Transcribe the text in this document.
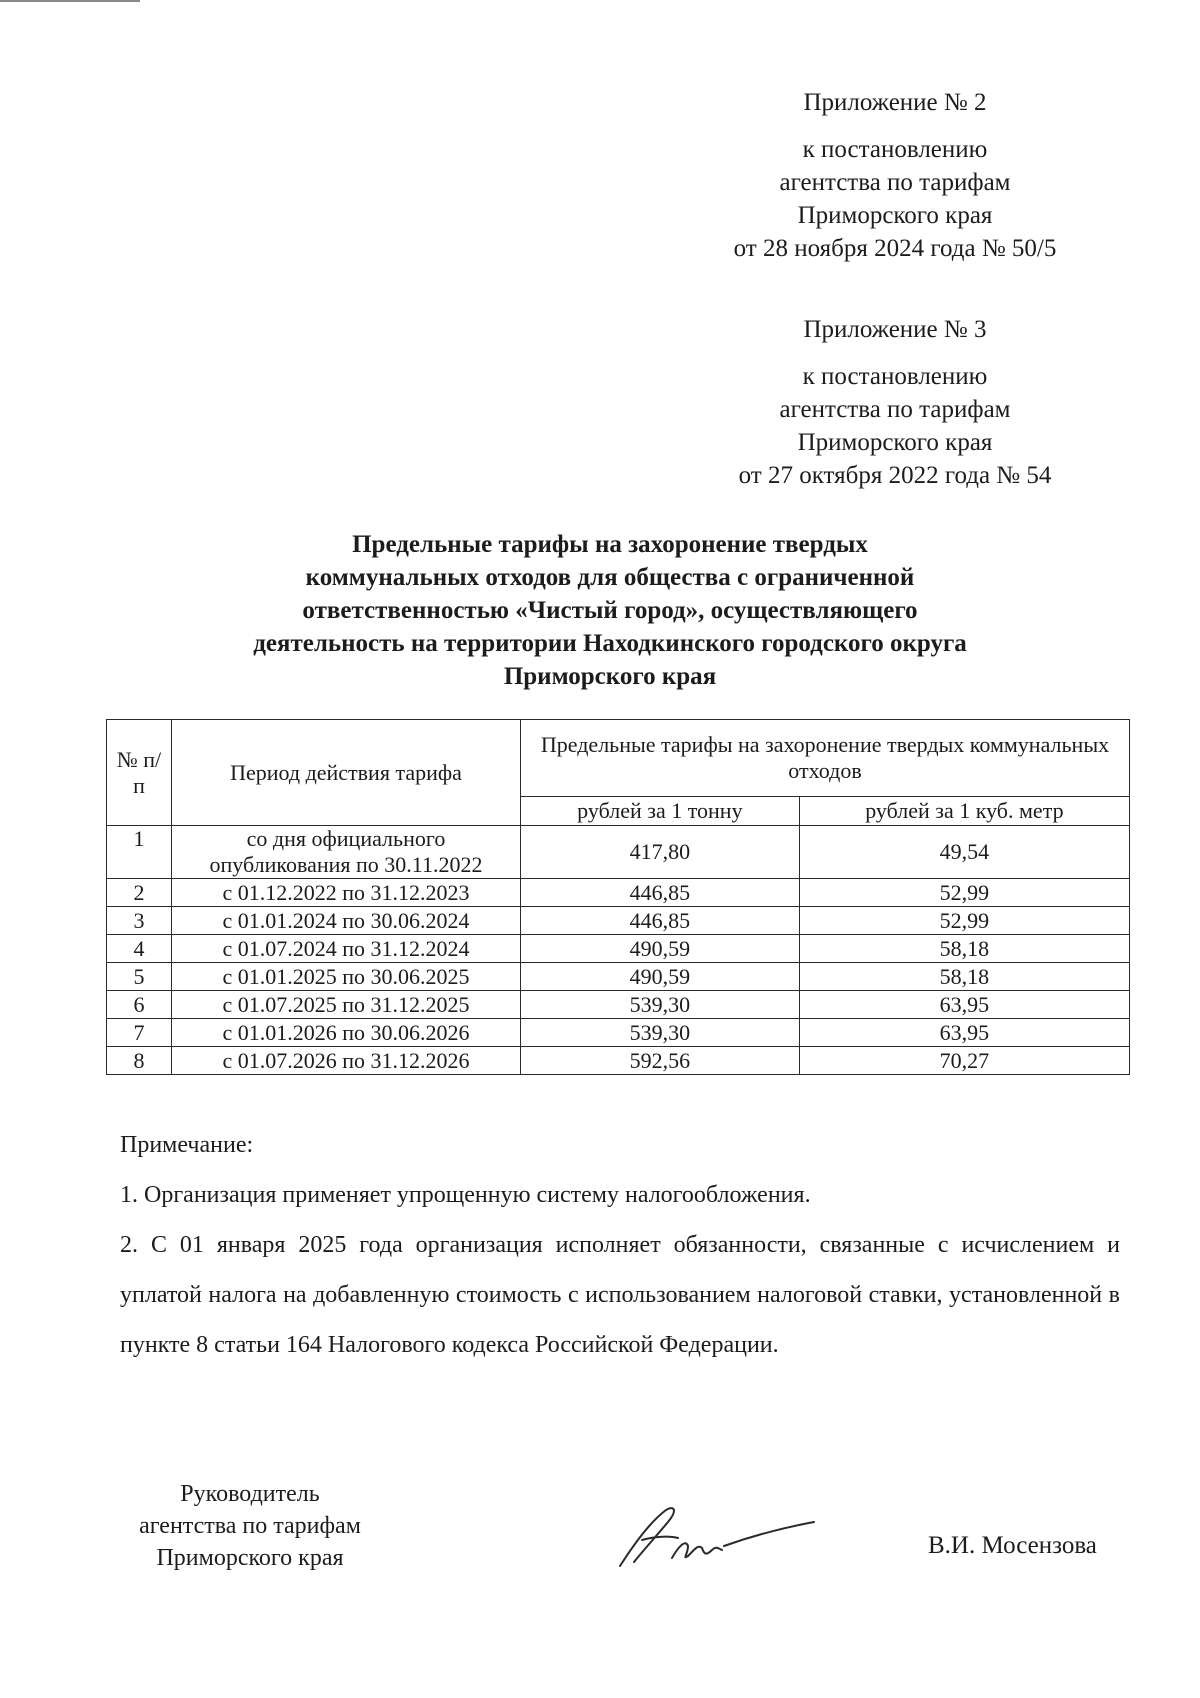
Приложение № 2
к постановлению
агентства по тарифам
Приморского края
от 28 ноября 2024 года № 50/5
Приложение № 3
к постановлению
агентства по тарифам
Приморского края
от 27 октября 2022 года № 54
Предельные тарифы на захоронение твердых
коммунальных отходов для общества с ограниченной
ответственностью «Чистый город», осуществляющего
деятельность на территории Находкинского городского округа
Приморского края
№ п/п	Период действия тарифа	Предельные тарифы на захоронение твердых коммунальных отходов	
		рублей за 1 тонну	рублей за 1 куб. метр
1	со дня официального опубликования по 30.11.2022	417,80	49,54
2	с 01.12.2022 по 31.12.2023	446,85	52,99
3	с 01.01.2024 по 30.06.2024	446,85	52,99
4	с 01.07.2024 по 31.12.2024	490,59	58,18
5	с 01.01.2025 по 30.06.2025	490,59	58,18
6	с 01.07.2025 по 31.12.2025	539,30	63,95
7	с 01.01.2026 по 30.06.2026	539,30	63,95
8	с 01.07.2026 по 31.12.2026	592,56	70,27

Примечание:

1. Организация применяет упрощенную систему налогообложения.

2. С 01 января 2025 года организация исполняет обязанности, связанные с исчислением и уплатой налога на добавленную стоимость с использованием налоговой ставки, установленной в пункте 8 статьи 164 Налогового кодекса Российской Федерации.

Руководитель
агентства по тарифам
Приморского края	В.И. Мосензова
